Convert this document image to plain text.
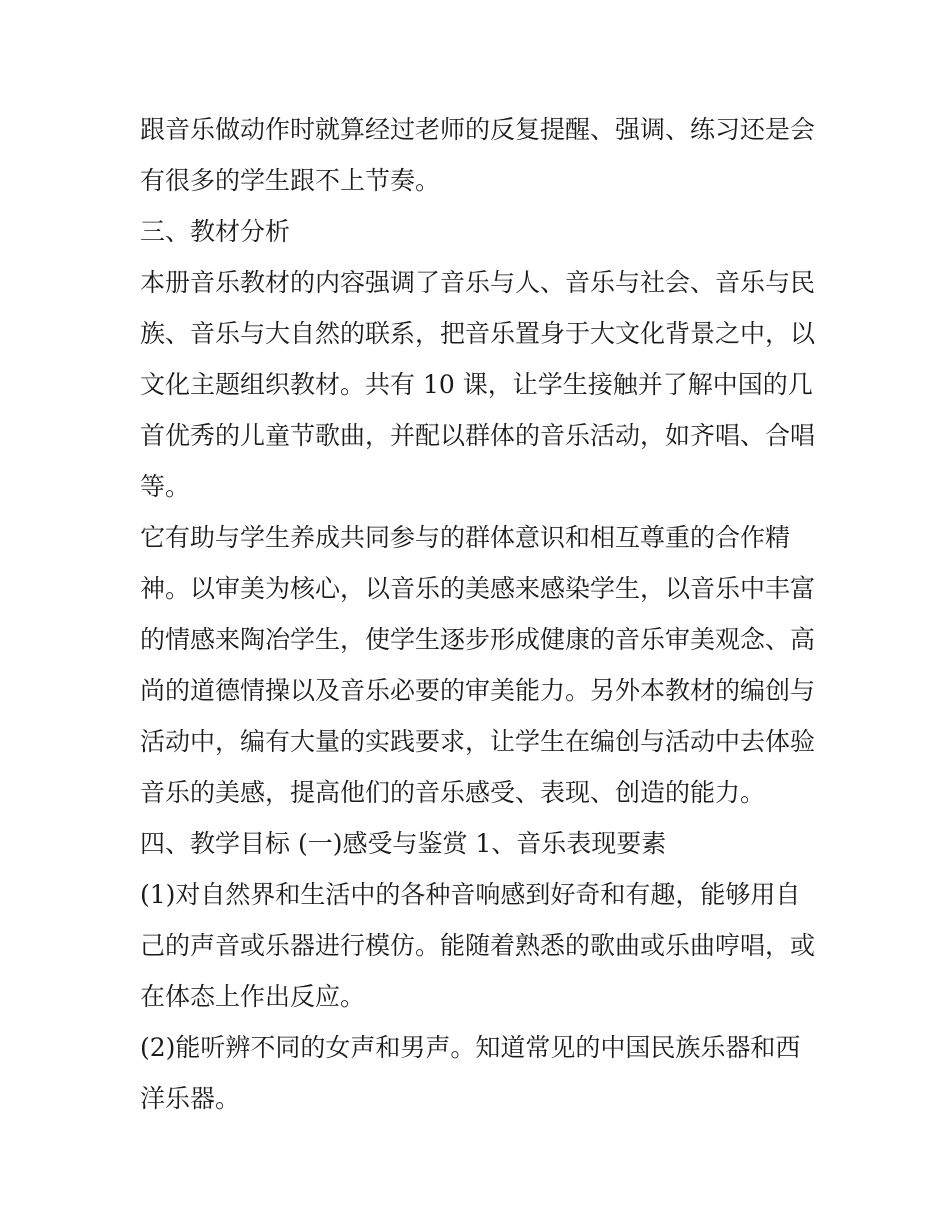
跟音乐做动作时就算经过老师的反复提醒、强调、练习还是会
有很多的学生跟不上节奏。
三、教材分析
本册音乐教材的内容强调了音乐与人、音乐与社会、音乐与民
族、音乐与大自然的联系，把音乐置身于大文化背景之中，以
文化主题组织教材。共有 10 课，让学生接触并了解中国的几
首优秀的儿童节歌曲，并配以群体的音乐活动，如齐唱、合唱
等。
它有助与学生养成共同参与的群体意识和相互尊重的合作精
神。以审美为核心，以音乐的美感来感染学生，以音乐中丰富
的情感来陶冶学生，使学生逐步形成健康的音乐审美观念、高
尚的道德情操以及音乐必要的审美能力。另外本教材的编创与
活动中，编有大量的实践要求，让学生在编创与活动中去体验
音乐的美感，提高他们的音乐感受、表现、创造的能力。
四、教学目标 (一)感受与鉴赏 1、音乐表现要素
(1)对自然界和生活中的各种音响感到好奇和有趣，能够用自
己的声音或乐器进行模仿。能随着熟悉的歌曲或乐曲哼唱，或
在体态上作出反应。
(2)能听辨不同的女声和男声。知道常见的中国民族乐器和西
洋乐器。
